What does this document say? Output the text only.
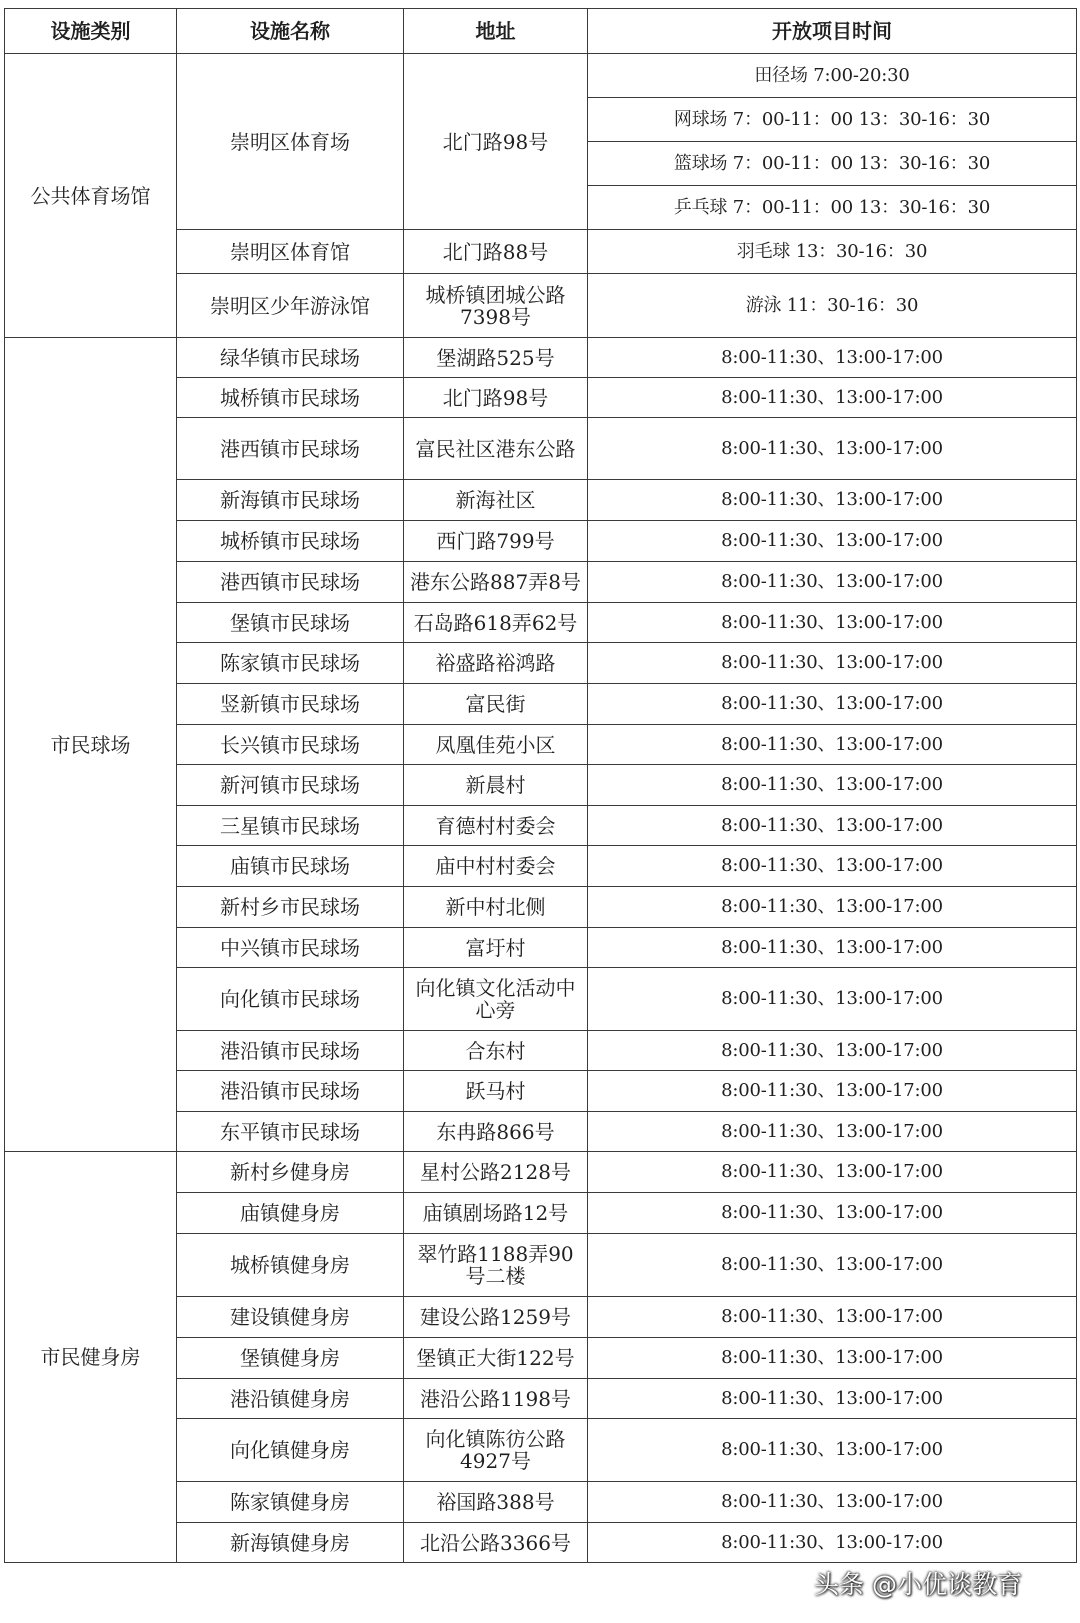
设施类别	设施名称	地址	开放项目时间
公共体育场馆	崇明区体育场	北门路98号	田径场 7:00-20:30
			网球场 7：00-11：00 13：30-16：30
			篮球场 7：00-11：00 13：30-16：30
			乒乓球 7：00-11：00 13：30-16：30
	崇明区体育馆	北门路88号	羽毛球 13：30-16：30
	崇明区少年游泳馆	城桥镇团城公路7398号	游泳 11：30-16：30
市民球场	绿华镇市民球场	堡湖路525号	8:00-11:30、13:00-17:00
	城桥镇市民球场	北门路98号	8:00-11:30、13:00-17:00
	港西镇市民球场	富民社区港东公路	8:00-11:30、13:00-17:00
	新海镇市民球场	新海社区	8:00-11:30、13:00-17:00
	城桥镇市民球场	西门路799号	8:00-11:30、13:00-17:00
	港西镇市民球场	港东公路887弄8号	8:00-11:30、13:00-17:00
	堡镇市民球场	石岛路618弄62号	8:00-11:30、13:00-17:00
	陈家镇市民球场	裕盛路裕鸿路	8:00-11:30、13:00-17:00
	竖新镇市民球场	富民街	8:00-11:30、13:00-17:00
	长兴镇市民球场	凤凰佳苑小区	8:00-11:30、13:00-17:00
	新河镇市民球场	新晨村	8:00-11:30、13:00-17:00
	三星镇市民球场	育德村村委会	8:00-11:30、13:00-17:00
	庙镇市民球场	庙中村村委会	8:00-11:30、13:00-17:00
	新村乡市民球场	新中村北侧	8:00-11:30、13:00-17:00
	中兴镇市民球场	富圩村	8:00-11:30、13:00-17:00
	向化镇市民球场	向化镇文化活动中心旁	8:00-11:30、13:00-17:00
	港沿镇市民球场	合东村	8:00-11:30、13:00-17:00
	港沿镇市民球场	跃马村	8:00-11:30、13:00-17:00
	东平镇市民球场	东冉路866号	8:00-11:30、13:00-17:00
市民健身房	新村乡健身房	星村公路2128号	8:00-11:30、13:00-17:00
	庙镇健身房	庙镇剧场路12号	8:00-11:30、13:00-17:00
	城桥镇健身房	翠竹路1188弄90号二楼	8:00-11:30、13:00-17:00
	建设镇健身房	建设公路1259号	8:00-11:30、13:00-17:00
	堡镇健身房	堡镇正大街122号	8:00-11:30、13:00-17:00
	港沿镇健身房	港沿公路1198号	8:00-11:30、13:00-17:00
	向化镇健身房	向化镇陈彷公路4927号	8:00-11:30、13:00-17:00
	陈家镇健身房	裕国路388号	8:00-11:30、13:00-17:00
	新海镇健身房	北沿公路3366号	8:00-11:30、13:00-17:00
头条 @小优谈教育
